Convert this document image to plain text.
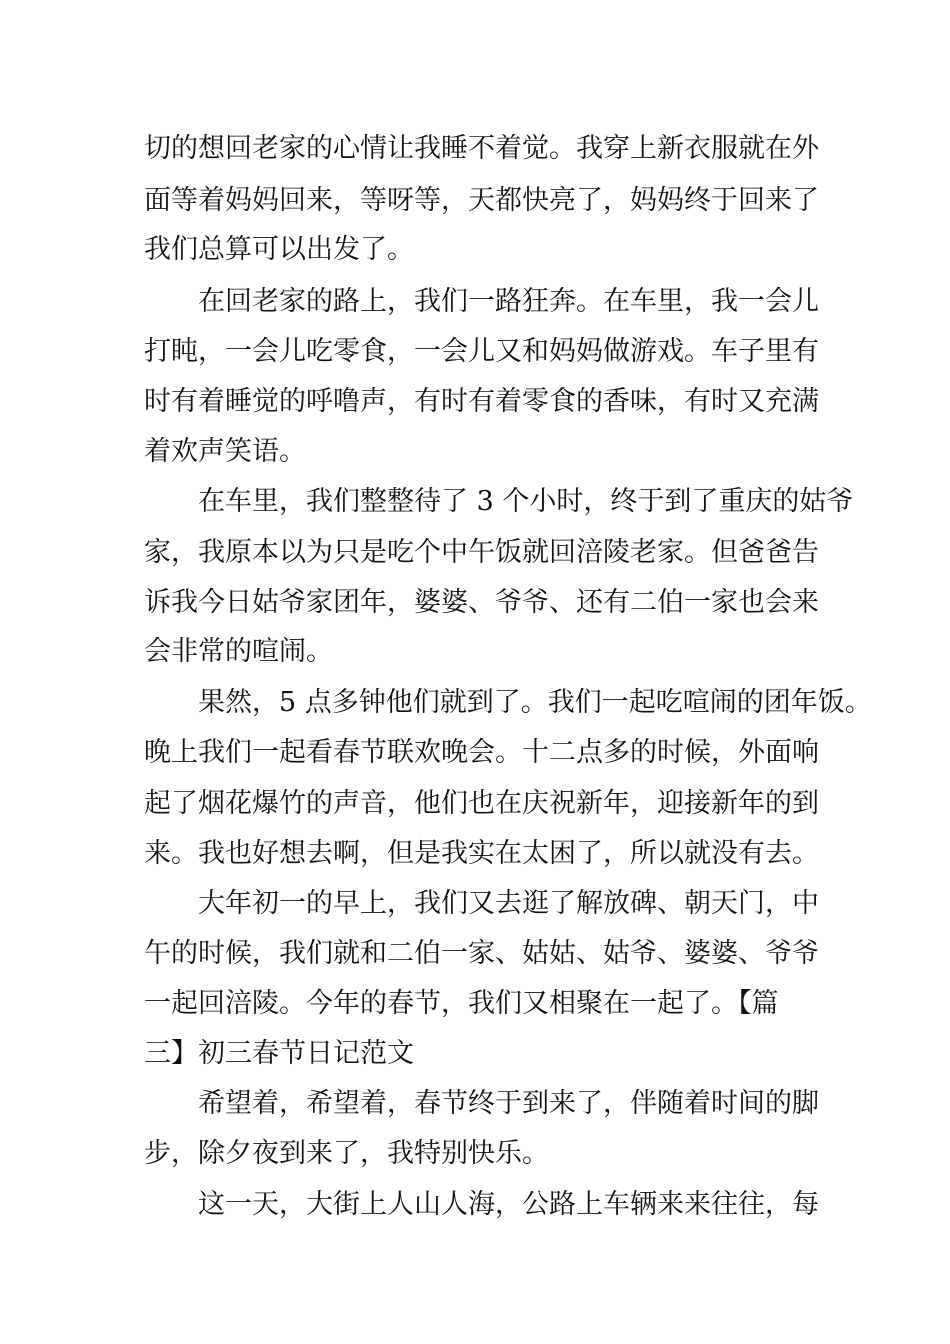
切的想回老家的心情让我睡不着觉。我穿上新衣服就在外
面等着妈妈回来，等呀等，天都快亮了，妈妈终于回来了
我们总算可以出发了。
　　在回老家的路上，我们一路狂奔。在车里，我一会儿
打盹，一会儿吃零食，一会儿又和妈妈做游戏。车子里有
时有着睡觉的呼噜声，有时有着零食的香味，有时又充满
着欢声笑语。
　　在车里，我们整整待了 3 个小时，终于到了重庆的姑爷
家，我原本以为只是吃个中午饭就回涪陵老家。但爸爸告
诉我今日姑爷家团年，婆婆、爷爷、还有二伯一家也会来
会非常的喧闹。
　　果然，5 点多钟他们就到了。我们一起吃喧闹的团年饭。
晚上我们一起看春节联欢晚会。十二点多的时候，外面响
起了烟花爆竹的声音，他们也在庆祝新年，迎接新年的到
来。我也好想去啊，但是我实在太困了，所以就没有去。
　　大年初一的早上，我们又去逛了解放碑、朝天门，中
午的时候，我们就和二伯一家、姑姑、姑爷、婆婆、爷爷
一起回涪陵。今年的春节，我们又相聚在一起了。【篇
三】初三春节日记范文
　　希望着，希望着，春节终于到来了，伴随着时间的脚
步，除夕夜到来了，我特别快乐。
　　这一天，大街上人山人海，公路上车辆来来往往，每
